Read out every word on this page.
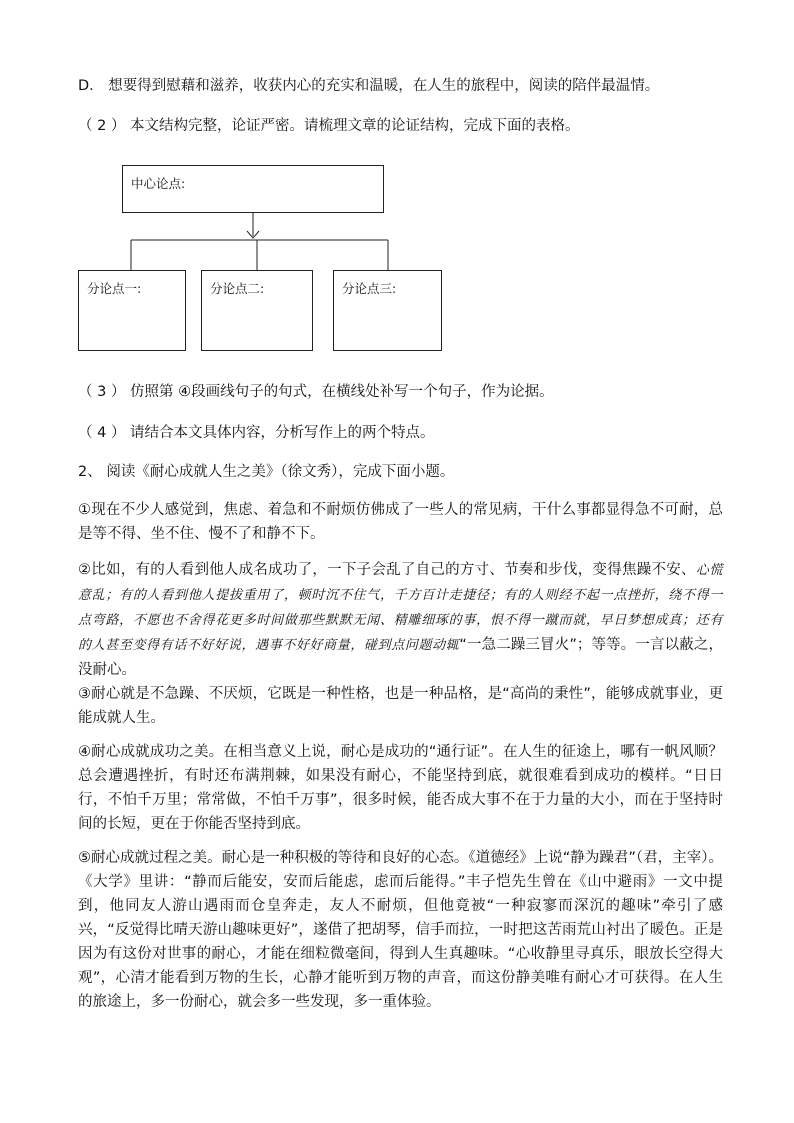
D． 想要得到慰藉和滋养，收获内心的充实和温暖，在人生的旅程中，阅读的陪伴最温情。
（ 2 ） 本文结构完整，论证严密。请梳理文章的论证结构，完成下面的表格。
中心论点:
分论点一:	分论点二:	分论点三:
（ 3 ） 仿照第 ④段画线句子的句式，在横线处补写一个句子，作为论据。
（ 4 ） 请结合本文具体内容，分析写作上的两个特点。
2、 阅读《耐心成就人生之美》（徐文秀），完成下面小题。
①现在不少人感觉到，焦虑、着急和不耐烦仿佛成了一些人的常见病，干什么事都显得急不可耐，总是等不得、坐不住、慢不了和静不下。
②比如，有的人看到他人成名成功了，一下子会乱了自己的方寸、节奏和步伐，变得焦躁不安、心慌意乱；有的人看到他人提拔重用了，顿时沉不住气，千方百计走捷径；有的人则经不起一点挫折，绕不得一点弯路，不愿也不舍得花更多时间做那些默默无闻、精雕细琢的事，恨不得一蹴而就，早日梦想成真；还有的人甚至变得有话不好好说，遇事不好好商量，碰到点问题动辄“一急二躁三冒火”；等等。一言以蔽之，没耐心。
③耐心就是不急躁、不厌烦，它既是一种性格，也是一种品格，是“高尚的秉性”，能够成就事业，更能成就人生。
④耐心成就成功之美。在相当意义上说，耐心是成功的“通行证”。在人生的征途上，哪有一帆风顺？总会遭遇挫折，有时还布满荆棘，如果没有耐心，不能坚持到底，就很难看到成功的模样。“日日行，不怕千万里；常常做，不怕千万事”，很多时候，能否成大事不在于力量的大小，而在于坚持时间的长短，更在于你能否坚持到底。
⑤耐心成就过程之美。耐心是一种积极的等待和良好的心态。《道德经》上说“静为躁君”（君，主宰）。《大学》里讲：“静而后能安，安而后能虑，虑而后能得。”丰子恺先生曾在《山中避雨》一文中提到，他同友人游山遇雨而仓皇奔走，友人不耐烦，但他竟被“一种寂寥而深沉的趣味”牵引了感兴，“反觉得比晴天游山趣味更好”，遂借了把胡琴，信手而拉，一时把这苦雨荒山衬出了暖色。正是因为有这份对世事的耐心，才能在细粒微毫间，得到人生真趣味。“心收静里寻真乐，眼放长空得大观”，心清才能看到万物的生长，心静才能听到万物的声音，而这份静美唯有耐心才可获得。在人生的旅途上，多一份耐心，就会多一些发现，多一重体验。
